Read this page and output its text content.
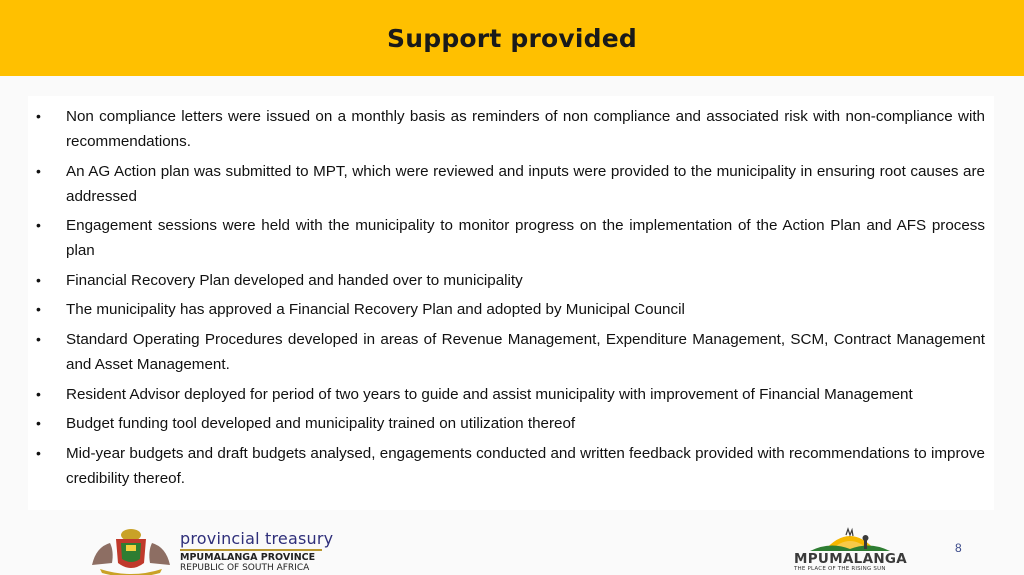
Support provided
• Non compliance letters were issued on a monthly basis as reminders of non compliance and associated risk with non-compliance with recommendations.
• An AG Action plan was submitted to MPT, which were reviewed and inputs were provided to the municipality in ensuring root causes are addressed
• Engagement sessions were held with the municipality to monitor progress on the implementation of the Action Plan and AFS process plan
• Financial Recovery Plan developed and handed over to municipality
• The municipality has approved a Financial Recovery Plan and adopted by Municipal Council
• Standard Operating Procedures developed in areas of Revenue Management, Expenditure Management, SCM, Contract Management and Asset Management.
• Resident Advisor deployed for period of two years to guide and assist municipality with improvement of Financial Management
• Budget funding tool developed and municipality trained on utilization thereof
• Mid-year budgets and draft budgets analysed, engagements conducted and written feedback provided with recommendations to improve credibility thereof.
provincial treasury
MPUMALANGA PROVINCE
REPUBLIC OF SOUTH AFRICA
8
MPUMALANGA
THE PLACE OF THE RISING SUN
